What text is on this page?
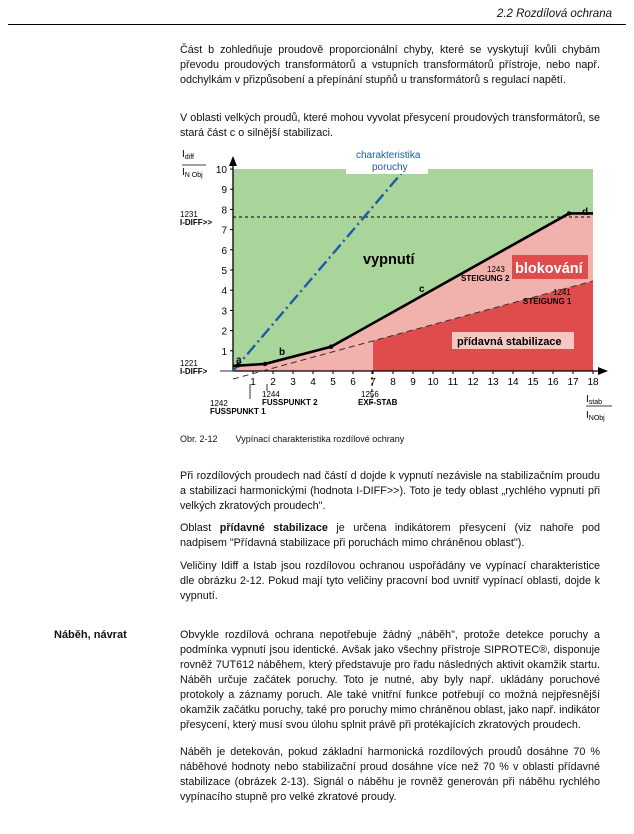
2.2 Rozdílová ochrana

Část b zohledňuje proudově proporcionální chyby, které se vyskytují kvůli chybám převodu proudových transformátorů a vstupních transformátorů přístroje, nebo např. odchylkám v přizpůsobení a přepínání stupňů u transformátorů s regulací napětí.

V oblasti velkých proudů, které mohou vyvolat přesycení proudových transformátorů, se stará část c o silnější stabilizaci.

1
2
3
4
5
6
7
8
9
10
1 2 3 4 5 6 7 8 9 10 11 12 13 14 15 16 17 18
$I_{diff}$
$I_{N Obj}$
$I_{stab}$
$I_{NObj}$
1221
I-DIFF>
1231
I-DIFF>>
1242
FUSSPUNKT 1
1244
FUSSPUNKT 2
1256
EXF-STAB
1243
STEIGUNG 2
1241
STEIGUNG 1
vypnutí
blokování
přídavná stabilizace
charakteristika
poruchy
a
b
c
d
Obr. 2-12 Vypínací charakteristika rozdílové ochrany

Při rozdílových proudech nad částí d dojde k vypnutí nezávisle na stabilizačním proudu a stabilizaci harmonickými (hodnota I-DIFF>>). Toto je tedy oblast „rychlého vypnutí při velkých zkratových proudech".

Oblast přídavné stabilizace je určena indikátorem přesycení (viz nahoře pod nadpisem "Přídavná stabilizace při poruchách mimo chráněnou oblast").

Veličiny Idiff a Istab jsou rozdílovou ochranou uspořádány ve vypínací charakteristice dle obrázku 2-12. Pokud mají tyto veličiny pracovní bod uvnitř vypínací oblasti, dojde k vypnutí.

Náběh, návrat	Obvykle rozdílová ochrana nepotřebuje žádný „náběh", protože detekce poruchy a podmínka vypnutí jsou identické. Avšak jako všechny přístroje SIPROTEC®, disponuje rovněž 7UT612 náběhem, který představuje pro řadu následných aktivit okamžik startu. Náběh určuje začátek poruchy. Toto je nutné, aby byly např. ukládány poruchové protokoly a záznamy poruch. Ale také vnitřní funkce potřebují co možná nejpřesnější okamžik začátku poruchy, také pro poruchy mimo chráněnou oblast, jako např. indikátor přesycení, který musí svou úlohu splnit právě při protékajících zkratových proudech.

Náběh je detekován, pokud základní harmonická rozdílových proudů dosáhne 70 % náběhové hodnoty nebo stabilizační proud dosáhne více než 70 % v oblasti přídavné stabilizace (obrázek 2-13). Signál o náběhu je rovněž generován při náběhu rychlého vypínacího stupně pro velké zkratové proudy.
